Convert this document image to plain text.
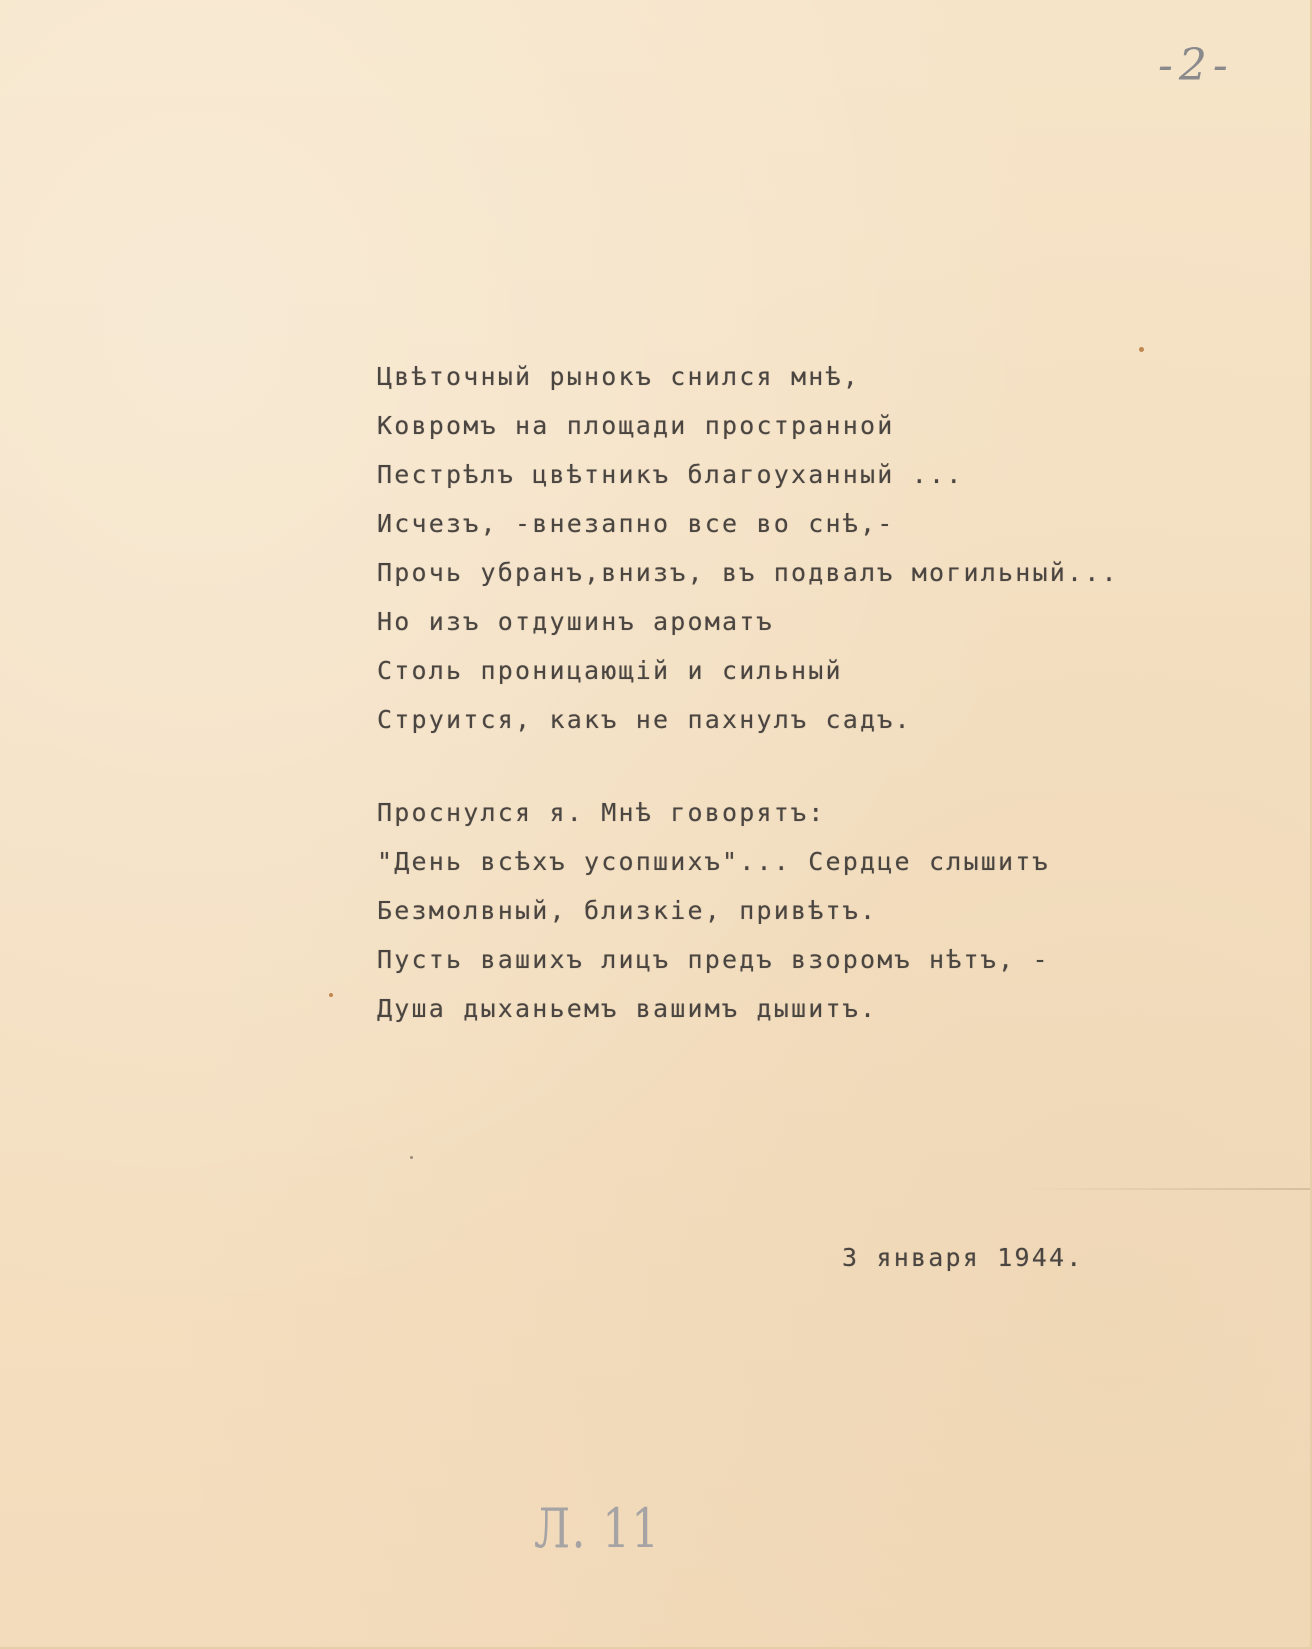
-2-
Цвѣточный рынокъ снился мнѣ,
Ковромъ на площади пространной
Пестрѣлъ цвѣтникъ благоуханный ...
Исчезъ, -внезапно все во снѣ,-
Прочь убранъ,внизъ, въ подвалъ могильный...
Но изъ отдушинъ ароматъ
Столь проницающій и сильный
Струится, какъ не пахнулъ садъ.
Проснулся я. Мнѣ говорятъ:
"День всѣхъ усопшихъ"... Сердце слышитъ
Безмолвный, близкіе, привѣтъ.
Пусть вашихъ лицъ предъ взоромъ нѣтъ, -
Душа дыханьемъ вашимъ дышитъ.
3 января 1944.
Л. 11
